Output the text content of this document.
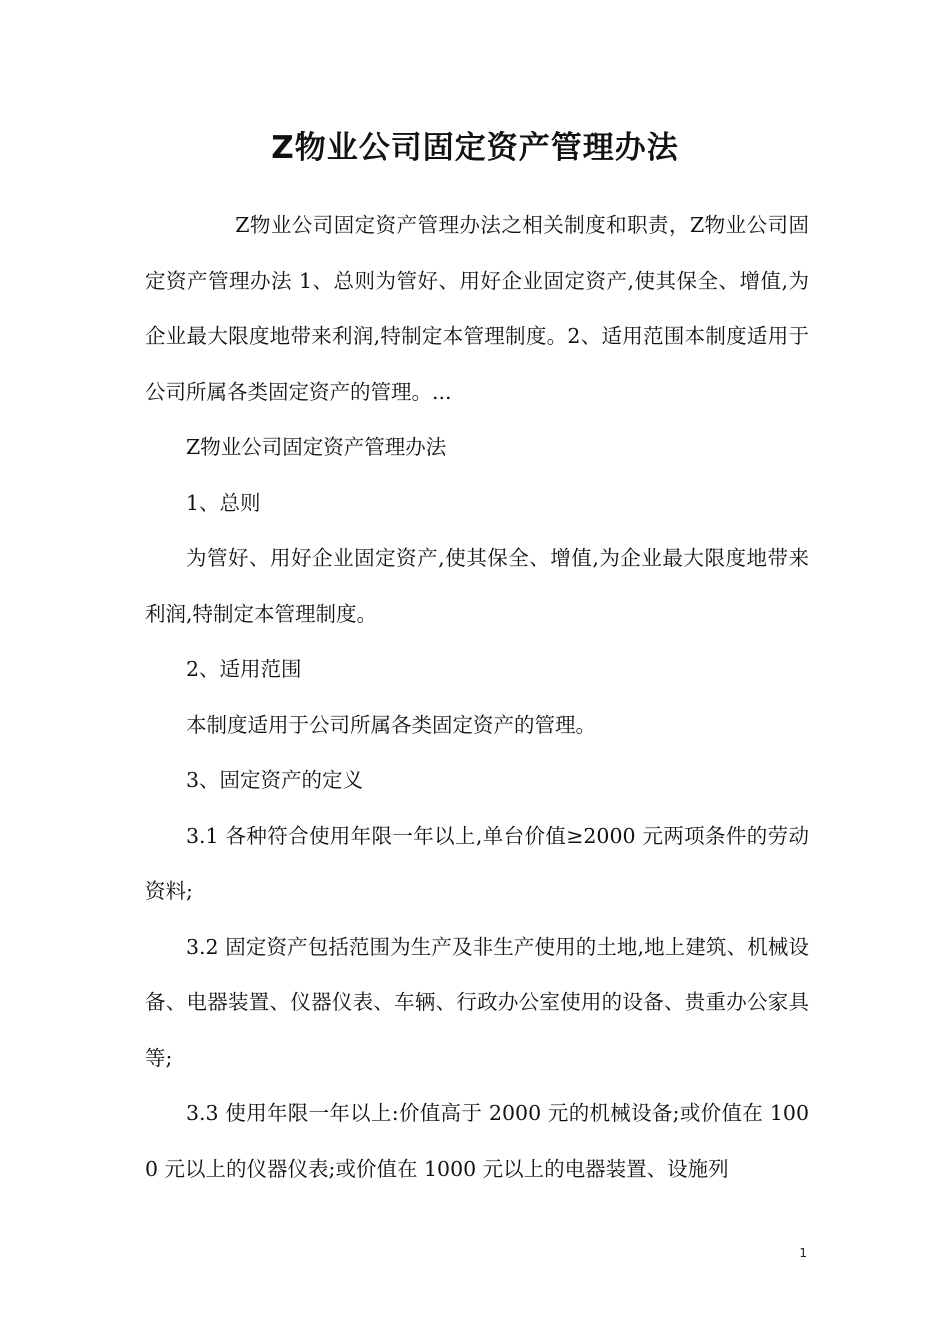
Z物业公司固定资产管理办法

Z物业公司固定资产管理办法之相关制度和职责，Z物业公司固定资产管理办法 1、总则为管好、用好企业固定资产,使其保全、增值,为企业最大限度地带来利润,特制定本管理制度。2、适用范围本制度适用于公司所属各类固定资产的管理。...

Z物业公司固定资产管理办法

1、总则

为管好、用好企业固定资产,使其保全、增值,为企业最大限度地带来利润,特制定本管理制度。

2、适用范围

本制度适用于公司所属各类固定资产的管理。

3、固定资产的定义

3.1 各种符合使用年限一年以上,单台价值≥2000 元两项条件的劳动资料;

3.2 固定资产包括范围为生产及非生产使用的土地,地上建筑、机械设备、电器装置、仪器仪表、车辆、行政办公室使用的设备、贵重办公家具等;

3.3 使用年限一年以上:价值高于 2000 元的机械设备;或价值在 1000 元以上的仪器仪表;或价值在 1000 元以上的电器装置、设施列

1
